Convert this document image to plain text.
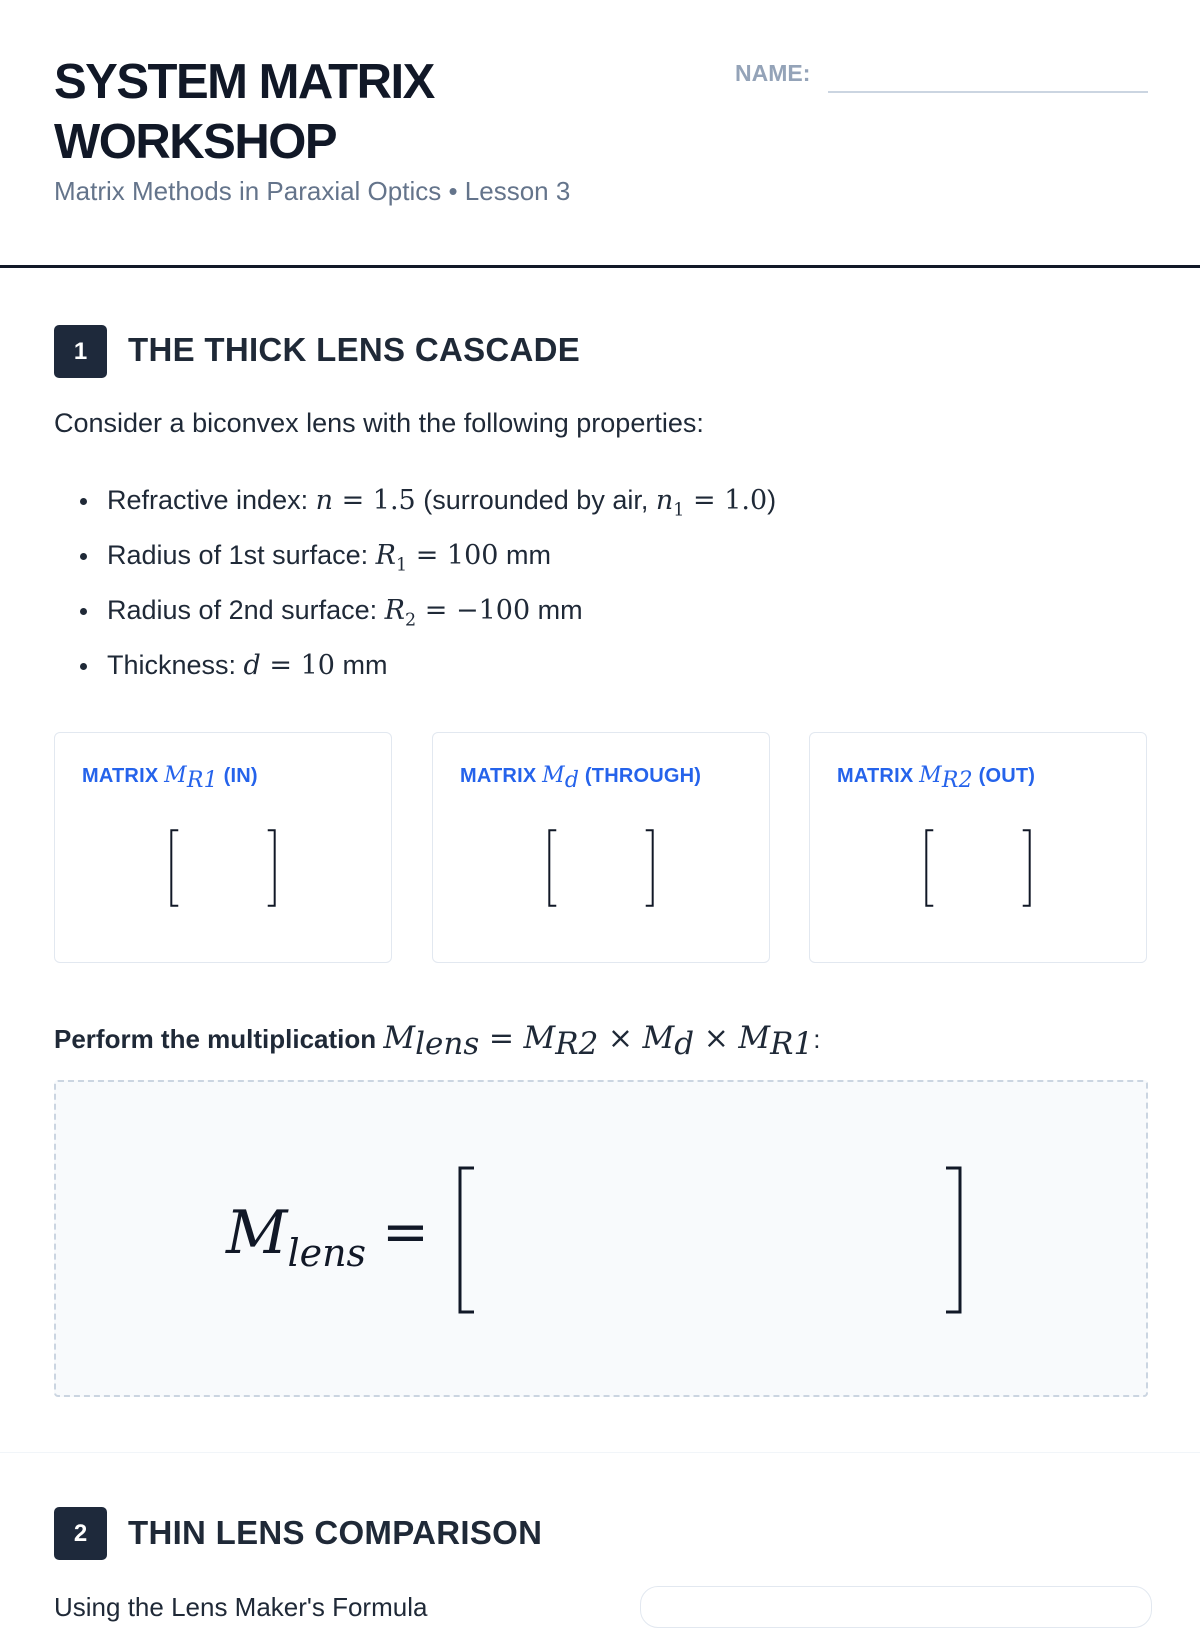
SYSTEM MATRIX
WORKSHOP
Matrix Methods in Paraxial Optics • Lesson 3
NAME:
1	THE THICK LENS CASCADE
Consider a biconvex lens with the following properties:
Refractive index: n = 1.5 (surrounded by air, $n_1 = 1.0$)
Radius of 1st surface: $R_1 = 100$ mm
Radius of 2nd surface: $R_2 = -100$ mm
Thickness: d = 10 mm
MATRIX $M_{R1}$ (IN)	MATRIX $M_d$ (THROUGH)	MATRIX $M_{R2}$ (OUT)
Perform the multiplication $M_{lens} = M_{R2} \times M_d \times M_{R1}$:
$M_{lens}$ =
2	THIN LENS COMPARISON
Using the Lens Maker's Formula
